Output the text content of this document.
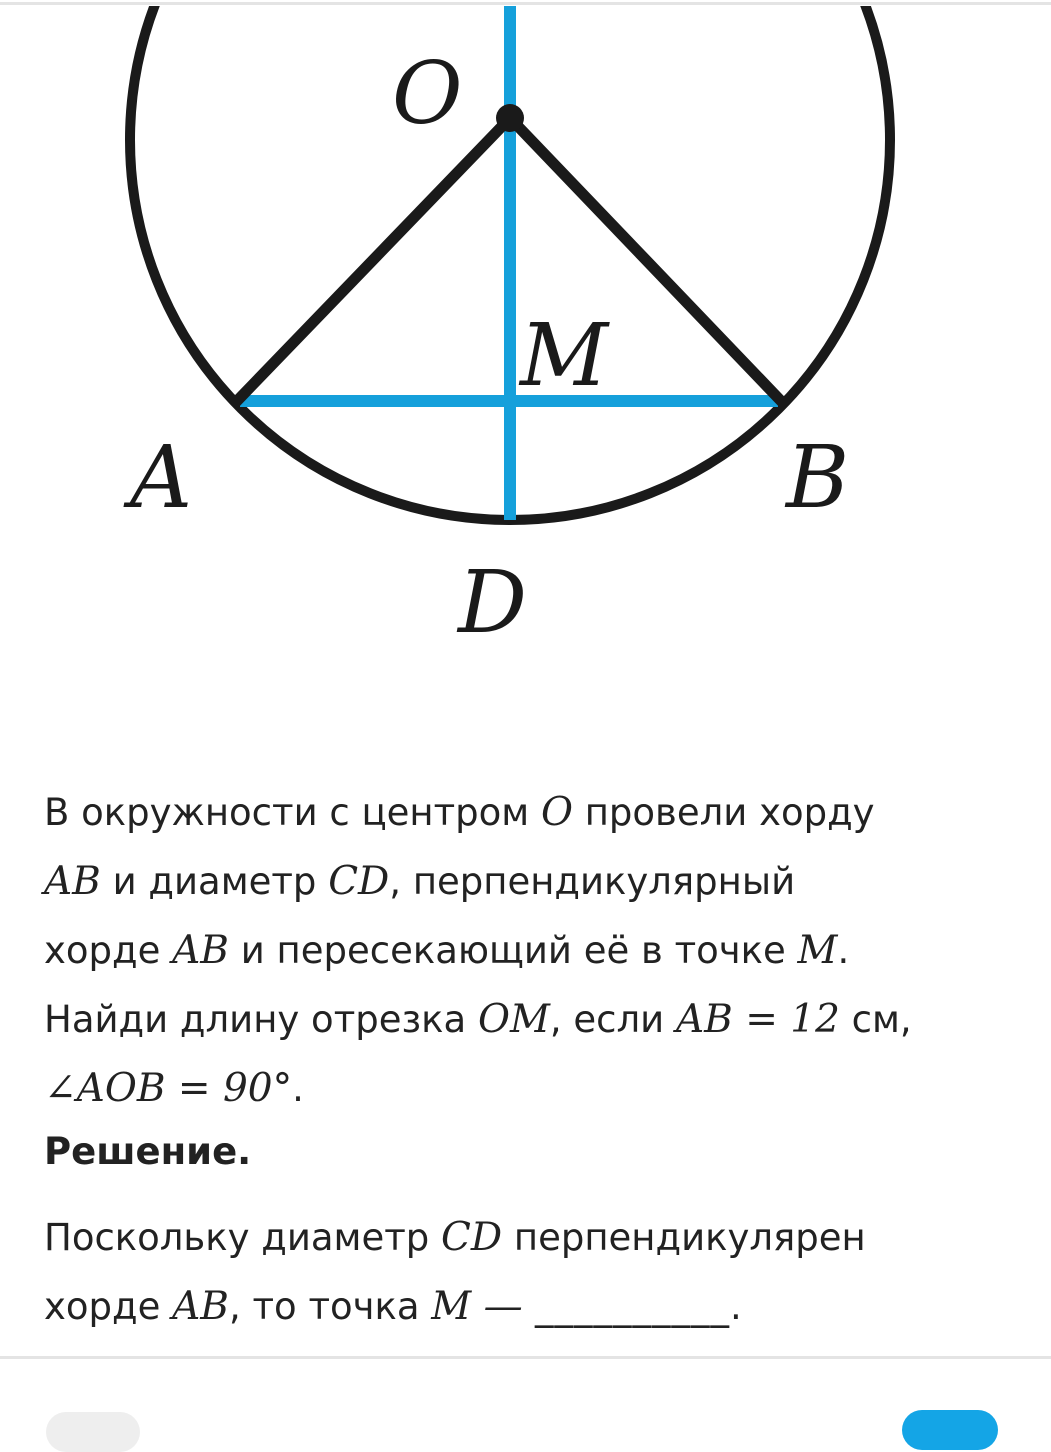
O
M
A	B
D

В окружности с центром O провели хорду
AB и диаметр CD, перпендикулярный
хорде AB и пересекающий её в точке M.
Найди длину отрезка OM, если AB = 12 см,
∠AOB = 90°.

Решение.

Поскольку диаметр CD перпендикулярен
хорде AB, то точка M — __________.
